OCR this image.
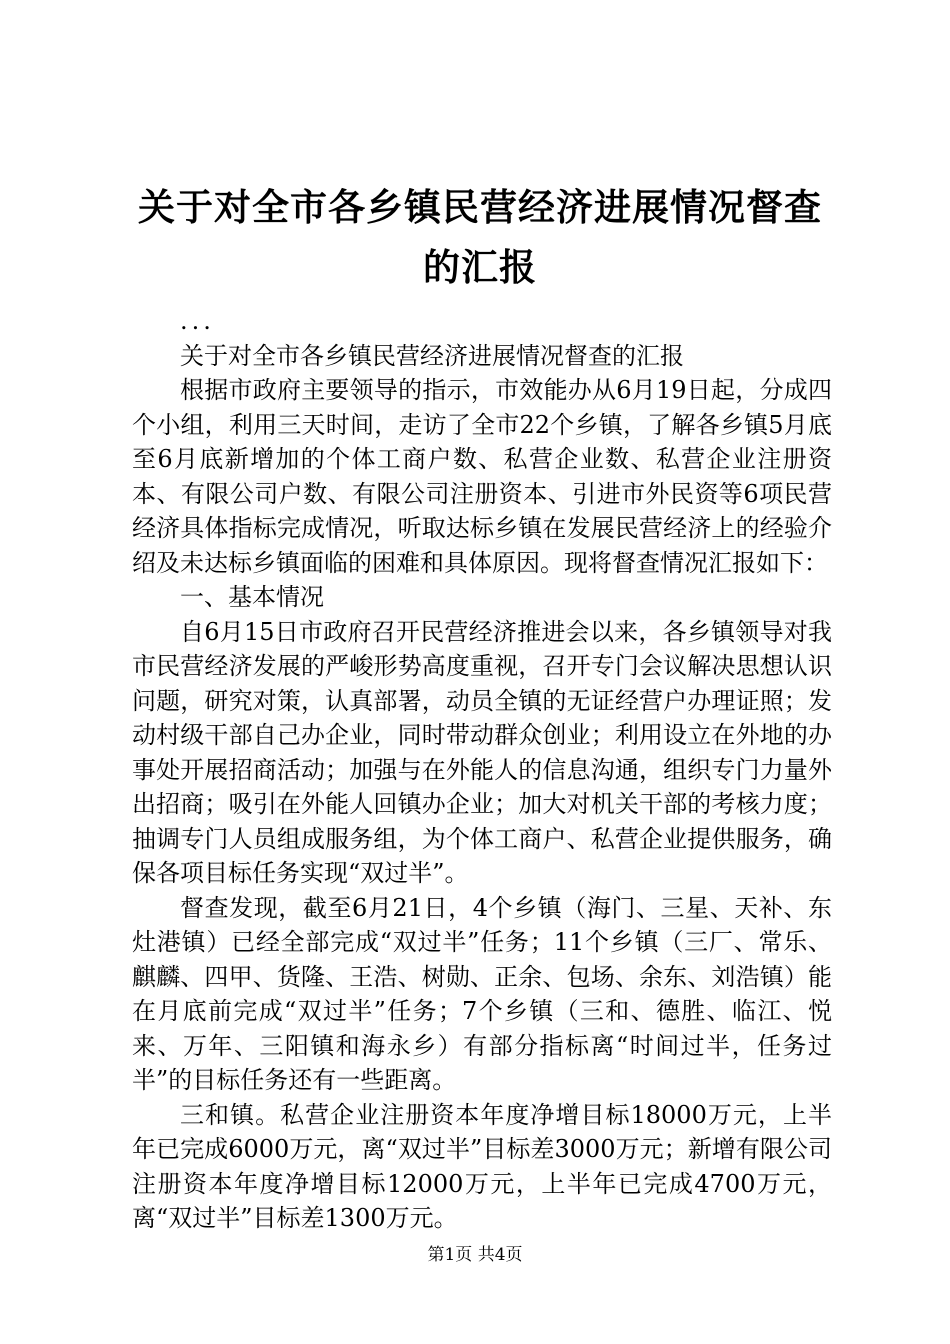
关于对全市各乡镇民营经济进展情况督查的汇报

...

关于对全市各乡镇民营经济进展情况督查的汇报

根据市政府主要领导的指示，市效能办从6月19日起，分成四个小组，利用三天时间，走访了全市22个乡镇，了解各乡镇5月底至6月底新增加的个体工商户数、私营企业数、私营企业注册资本、有限公司户数、有限公司注册资本、引进市外民资等6项民营经济具体指标完成情况，听取达标乡镇在发展民营经济上的经验介绍及未达标乡镇面临的困难和具体原因。现将督查情况汇报如下：

一、基本情况

自6月15日市政府召开民营经济推进会以来，各乡镇领导对我市民营经济发展的严峻形势高度重视，召开专门会议解决思想认识问题，研究对策，认真部署，动员全镇的无证经营户办理证照；发动村级干部自己办企业，同时带动群众创业；利用设立在外地的办事处开展招商活动；加强与在外能人的信息沟通，组织专门力量外出招商；吸引在外能人回镇办企业；加大对机关干部的考核力度；抽调专门人员组成服务组，为个体工商户、私营企业提供服务，确保各项目标任务实现“双过半”。

督查发现，截至6月21日，4个乡镇（海门、三星、天补、东灶港镇）已经全部完成“双过半”任务；11个乡镇（三厂、常乐、麒麟、四甲、货隆、王浩、树勋、正余、包场、余东、刘浩镇）能在月底前完成“双过半”任务；7个乡镇（三和、德胜、临江、悦来、万年、三阳镇和海永乡）有部分指标离“时间过半，任务过半”的目标任务还有一些距离。

三和镇。私营企业注册资本年度净增目标18000万元，上半年已完成6000万元，离“双过半”目标差3000万元；新增有限公司注册资本年度净增目标12000万元，上半年已完成4700万元，离“双过半”目标差1300万元。

第1页 共4页
